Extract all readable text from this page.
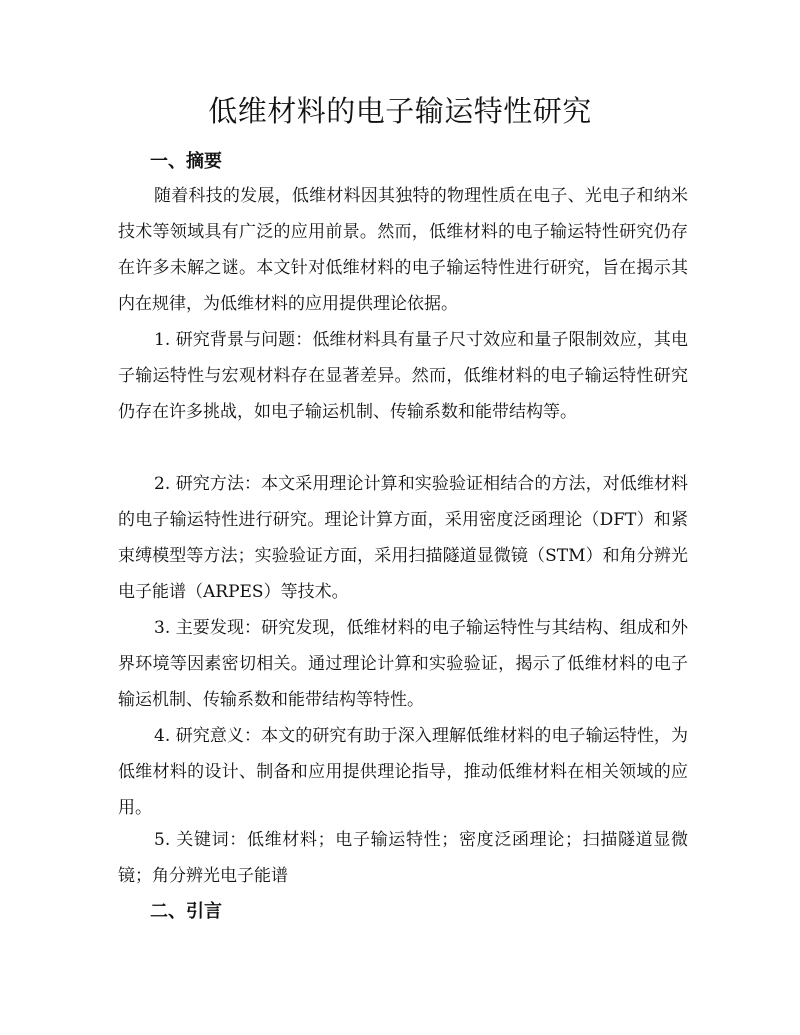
低维材料的电子输运特性研究
一、摘要

随着科技的发展，低维材料因其独特的物理性质在电子、光电子和纳米技术等领域具有广泛的应用前景。然而，低维材料的电子输运特性研究仍存在许多未解之谜。本文针对低维材料的电子输运特性进行研究，旨在揭示其内在规律，为低维材料的应用提供理论依据。

1. 研究背景与问题：低维材料具有量子尺寸效应和量子限制效应，其电子输运特性与宏观材料存在显著差异。然而，低维材料的电子输运特性研究仍存在许多挑战，如电子输运机制、传输系数和能带结构等。

2. 研究方法：本文采用理论计算和实验验证相结合的方法，对低维材料的电子输运特性进行研究。理论计算方面，采用密度泛函理论（DFT）和紧束缚模型等方法；实验验证方面，采用扫描隧道显微镜（STM）和角分辨光电子能谱（ARPES）等技术。

3. 主要发现：研究发现，低维材料的电子输运特性与其结构、组成和外界环境等因素密切相关。通过理论计算和实验验证，揭示了低维材料的电子输运机制、传输系数和能带结构等特性。

4. 研究意义：本文的研究有助于深入理解低维材料的电子输运特性，为低维材料的设计、制备和应用提供理论指导，推动低维材料在相关领域的应用。

5. 关键词：低维材料；电子输运特性；密度泛函理论；扫描隧道显微镜；角分辨光电子能谱

二、引言
